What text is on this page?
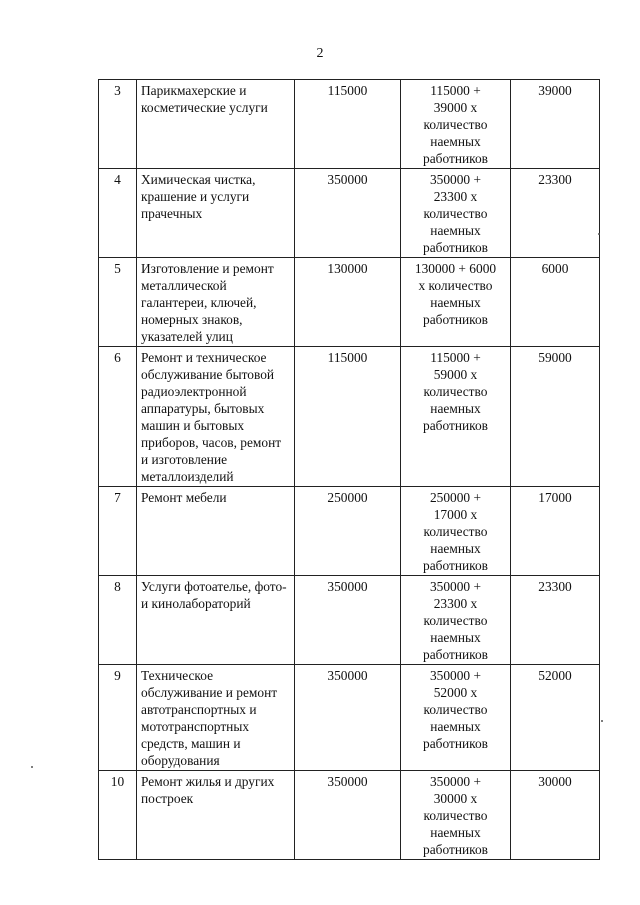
2
3	Парикмахерские и косметические услуги	115000	115000 +
39000 х
количество
наемных
работников	39000
4	Химическая чистка, крашение и услуги прачечных	350000	350000 +
23300 х
количество
наемных
работников	23300
5	Изготовление и ремонт металлической галантереи, ключей, номерных знаков, указателей улиц	130000	130000 + 6000
х количество
наемных
работников	6000
6	Ремонт и техническое обслуживание бытовой радиоэлектронной аппаратуры, бытовых машин и бытовых приборов, часов, ремонт и изготовление металлоизделий	115000	115000 +
59000 х
количество
наемных
работников	59000
7	Ремонт мебели	250000	250000 +
17000 х
количество
наемных
работников	17000
8	Услуги фотоателье, фото- и кинолабораторий	350000	350000 +
23300 х
количество
наемных
работников	23300
9	Техническое обслуживание и ремонт автотранспортных и мототранспортных средств, машин и оборудования	350000	350000 +
52000 х
количество
наемных
работников	52000
10	Ремонт жилья и других построек	350000	350000 +
30000 х
количество
наемных
работников	30000
